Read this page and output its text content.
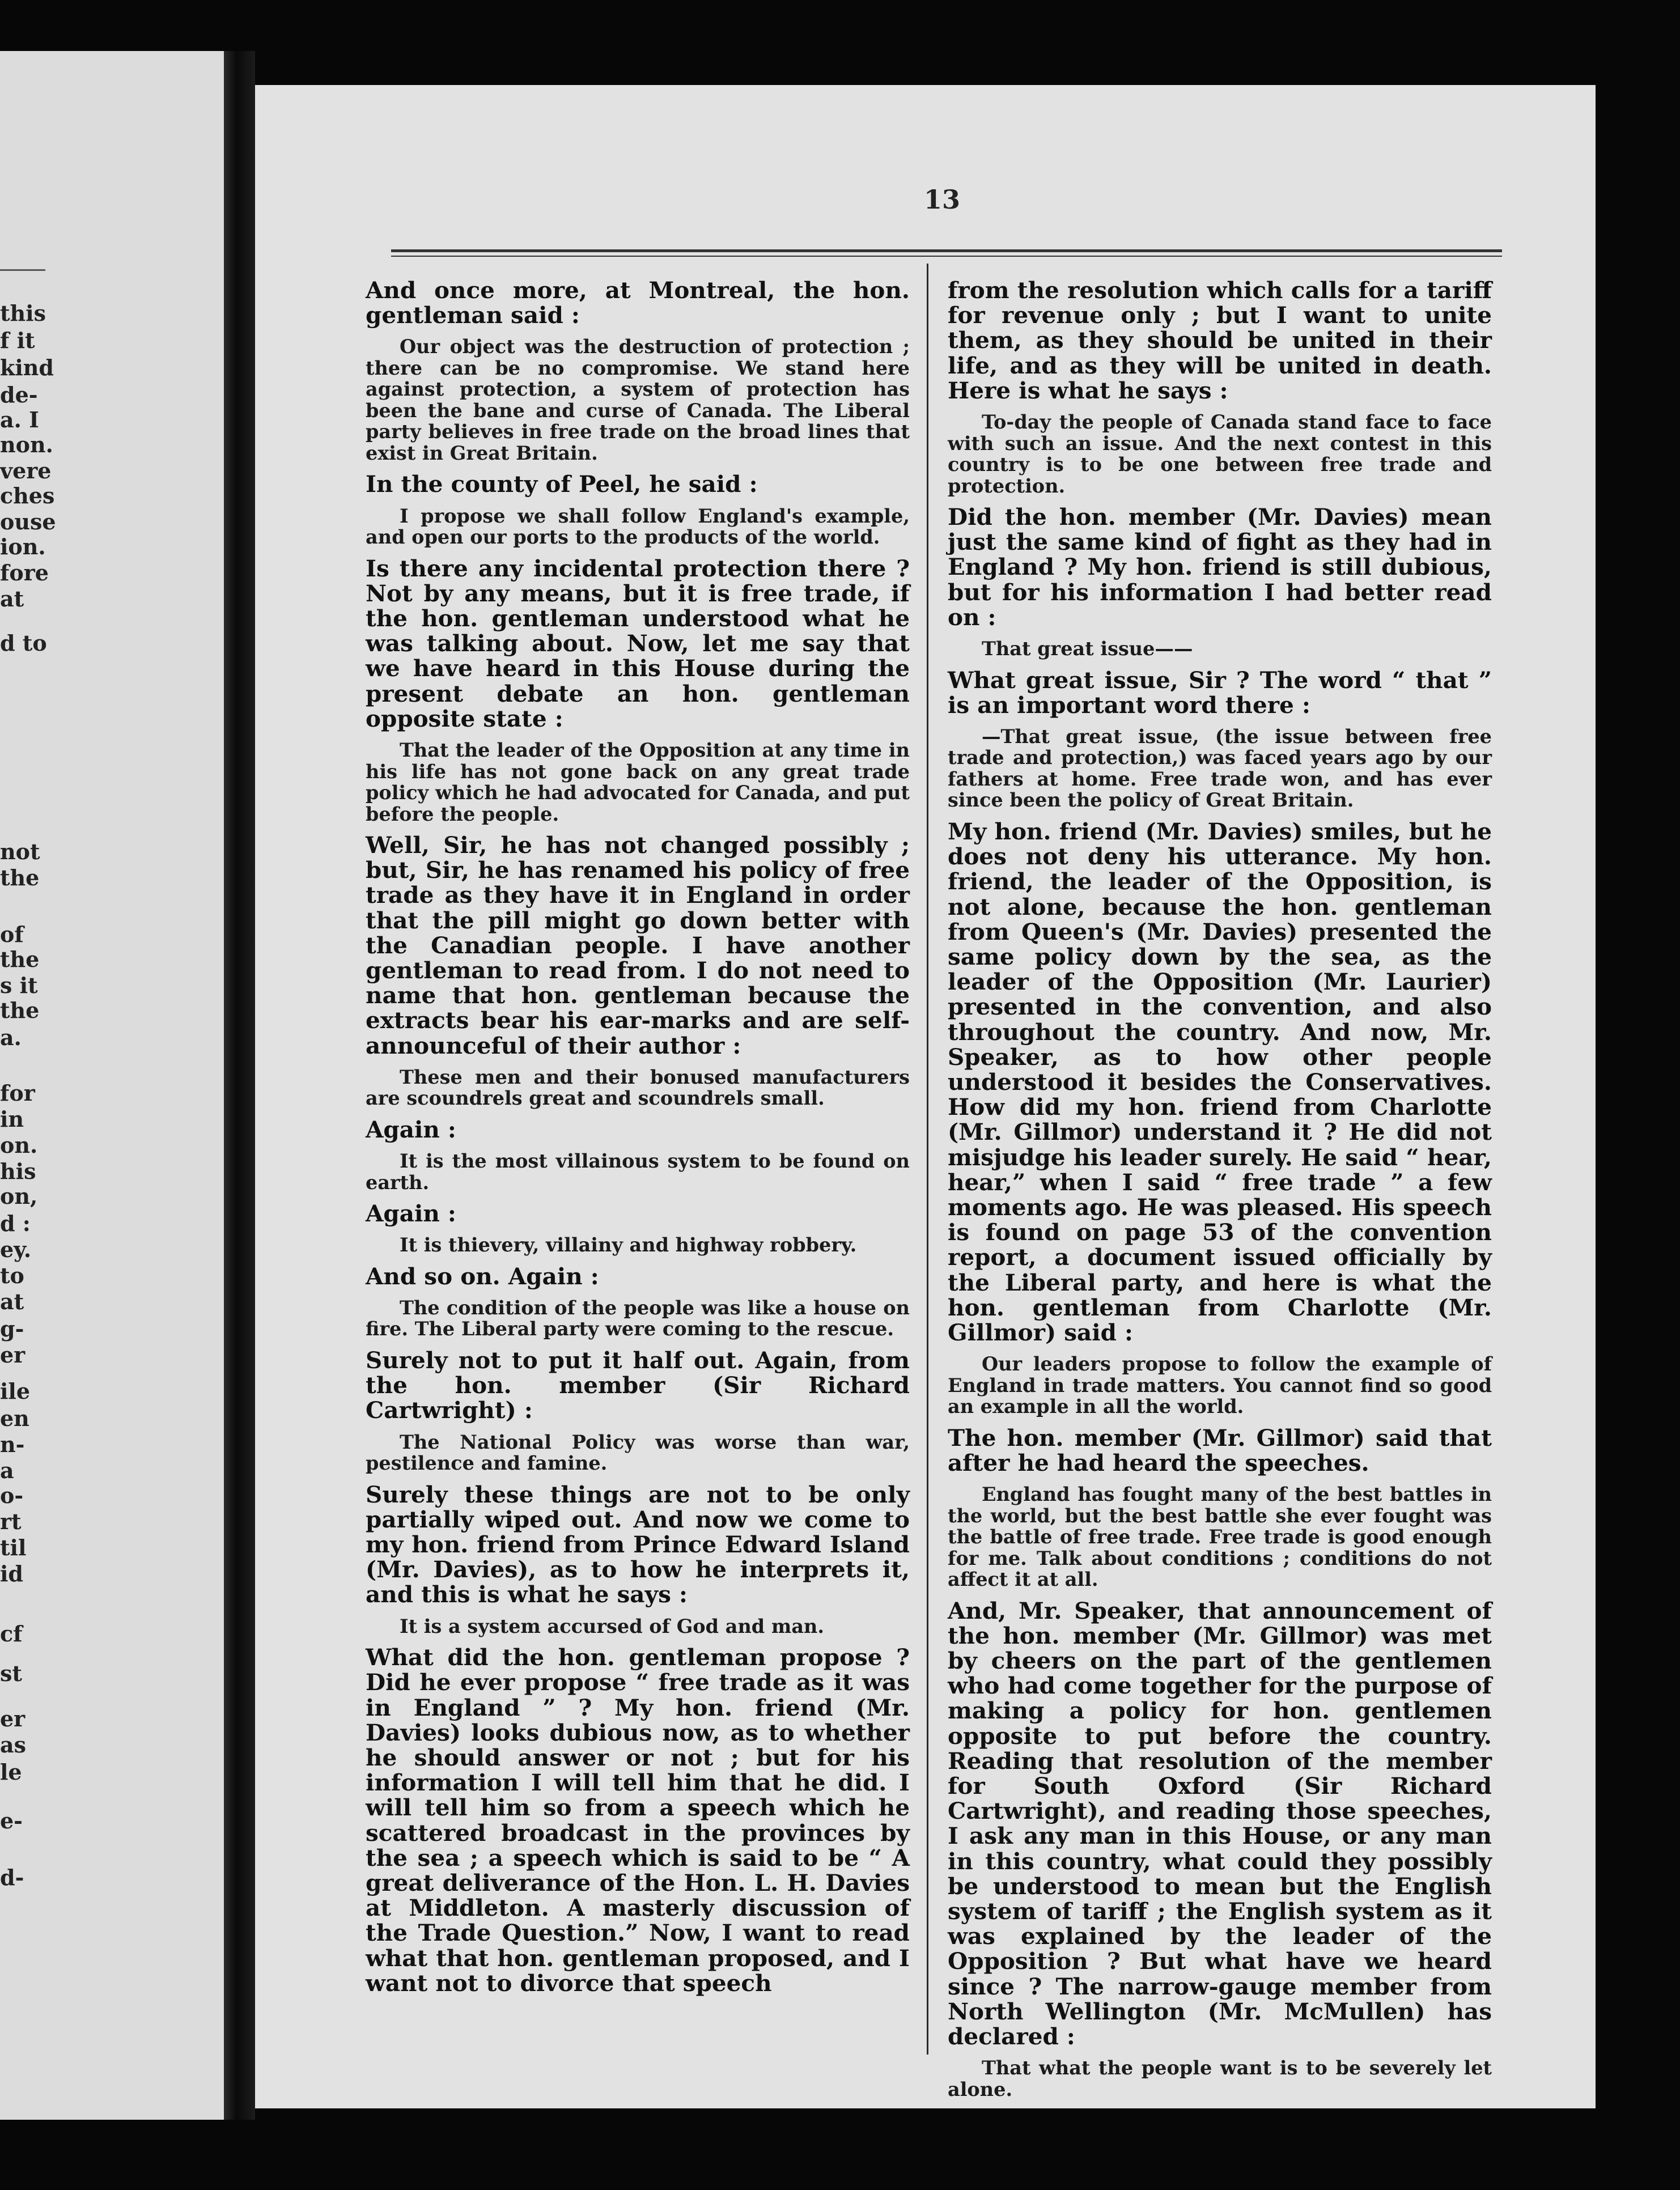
this
f it
kind
de-
a. I
non.
vere
ches
ouse
ion.
fore
at
d to
not
the
of
the
s it
the
a.
for
in
on.
his
on,
d :
ey.
to
at
g-
er
ile
en
n-
a
o-
rt
til
id
cf
st
er
as
le
e-
d-
13

And once more, at Montreal, the hon. gentleman said :

Our object was the destruction of protection ; there can be no compromise. We stand here against protection, a system of protection has been the bane and curse of Canada. The Liberal party believes in free trade on the broad lines that exist in Great Britain.

In the county of Peel, he said :

I propose we shall follow England's example, and open our ports to the products of the world.

Is there any incidental protection there ? Not by any means, but it is free trade, if the hon. gentleman understood what he was talking about. Now, let me say that we have heard in this House during the present debate an hon. gentleman opposite state :

That the leader of the Opposition at any time in his life has not gone back on any great trade policy which he had advocated for Canada, and put before the people.

Well, Sir, he has not changed possibly ; but, Sir, he has renamed his policy of free trade as they have it in England in order that the pill might go down better with the Canadian people. I have another gentleman to read from. I do not need to name that hon. gentleman because the extracts bear his ear-marks and are self-announceful of their author :

These men and their bonused manufacturers are scoundrels great and scoundrels small.

Again :

It is the most villainous system to be found on earth.

Again :

It is thievery, villainy and highway robbery.

And so on. Again :

The condition of the people was like a house on fire. The Liberal party were coming to the rescue.

Surely not to put it half out. Again, from the hon. member (Sir Richard Cartwright) :

The National Policy was worse than war, pestilence and famine.

Surely these things are not to be only partially wiped out. And now we come to my hon. friend from Prince Edward Island (Mr. Davies), as to how he interprets it, and this is what he says :

It is a system accursed of God and man.

What did the hon. gentleman propose ? Did he ever propose “ free trade as it was in England ” ? My hon. friend (Mr. Davies) looks dubious now, as to whether he should answer or not ; but for his information I will tell him that he did. I will tell him so from a speech which he scattered broadcast in the provinces by the sea ; a speech which is said to be “ A great deliverance of the Hon. L. H. Davies at Middleton. A masterly discussion of the Trade Question.” Now, I want to read what that hon. gentleman proposed, and I want not to divorce that speech

from the resolution which calls for a tariff for revenue only ; but I want to unite them, as they should be united in their life, and as they will be united in death. Here is what he says :

To-day the people of Canada stand face to face with such an issue. And the next contest in this country is to be one between free trade and protection.

Did the hon. member (Mr. Davies) mean just the same kind of fight as they had in England ? My hon. friend is still dubious, but for his information I had better read on :

That great issue——

What great issue, Sir ? The word “ that ” is an important word there :

—That great issue, (the issue between free trade and protection,) was faced years ago by our fathers at home. Free trade won, and has ever since been the policy of Great Britain.

My hon. friend (Mr. Davies) smiles, but he does not deny his utterance. My hon. friend, the leader of the Opposition, is not alone, because the hon. gentleman from Queen's (Mr. Davies) presented the same policy down by the sea, as the leader of the Opposition (Mr. Laurier) presented in the convention, and also throughout the country. And now, Mr. Speaker, as to how other people understood it besides the Conservatives. How did my hon. friend from Charlotte (Mr. Gillmor) understand it ? He did not misjudge his leader surely. He said “ hear, hear,” when I said “ free trade ” a few moments ago. He was pleased. His speech is found on page 53 of the convention report, a document issued officially by the Liberal party, and here is what the hon. gentleman from Charlotte (Mr. Gillmor) said :

Our leaders propose to follow the example of England in trade matters. You cannot find so good an example in all the world.

The hon. member (Mr. Gillmor) said that after he had heard the speeches.

England has fought many of the best battles in the world, but the best battle she ever fought was the battle of free trade. Free trade is good enough for me. Talk about conditions ; conditions do not affect it at all.

And, Mr. Speaker, that announcement of the hon. member (Mr. Gillmor) was met by cheers on the part of the gentlemen who had come together for the purpose of making a policy for hon. gentlemen opposite to put before the country. Reading that resolution of the member for South Oxford (Sir Richard Cartwright), and reading those speeches, I ask any man in this House, or any man in this country, what could they possibly be understood to mean but the English system of tariff ; the English system as it was explained by the leader of the Opposition ? But what have we heard since ? The narrow-gauge member from North Wellington (Mr. McMullen) has declared :

That what the people want is to be severely let alone.
